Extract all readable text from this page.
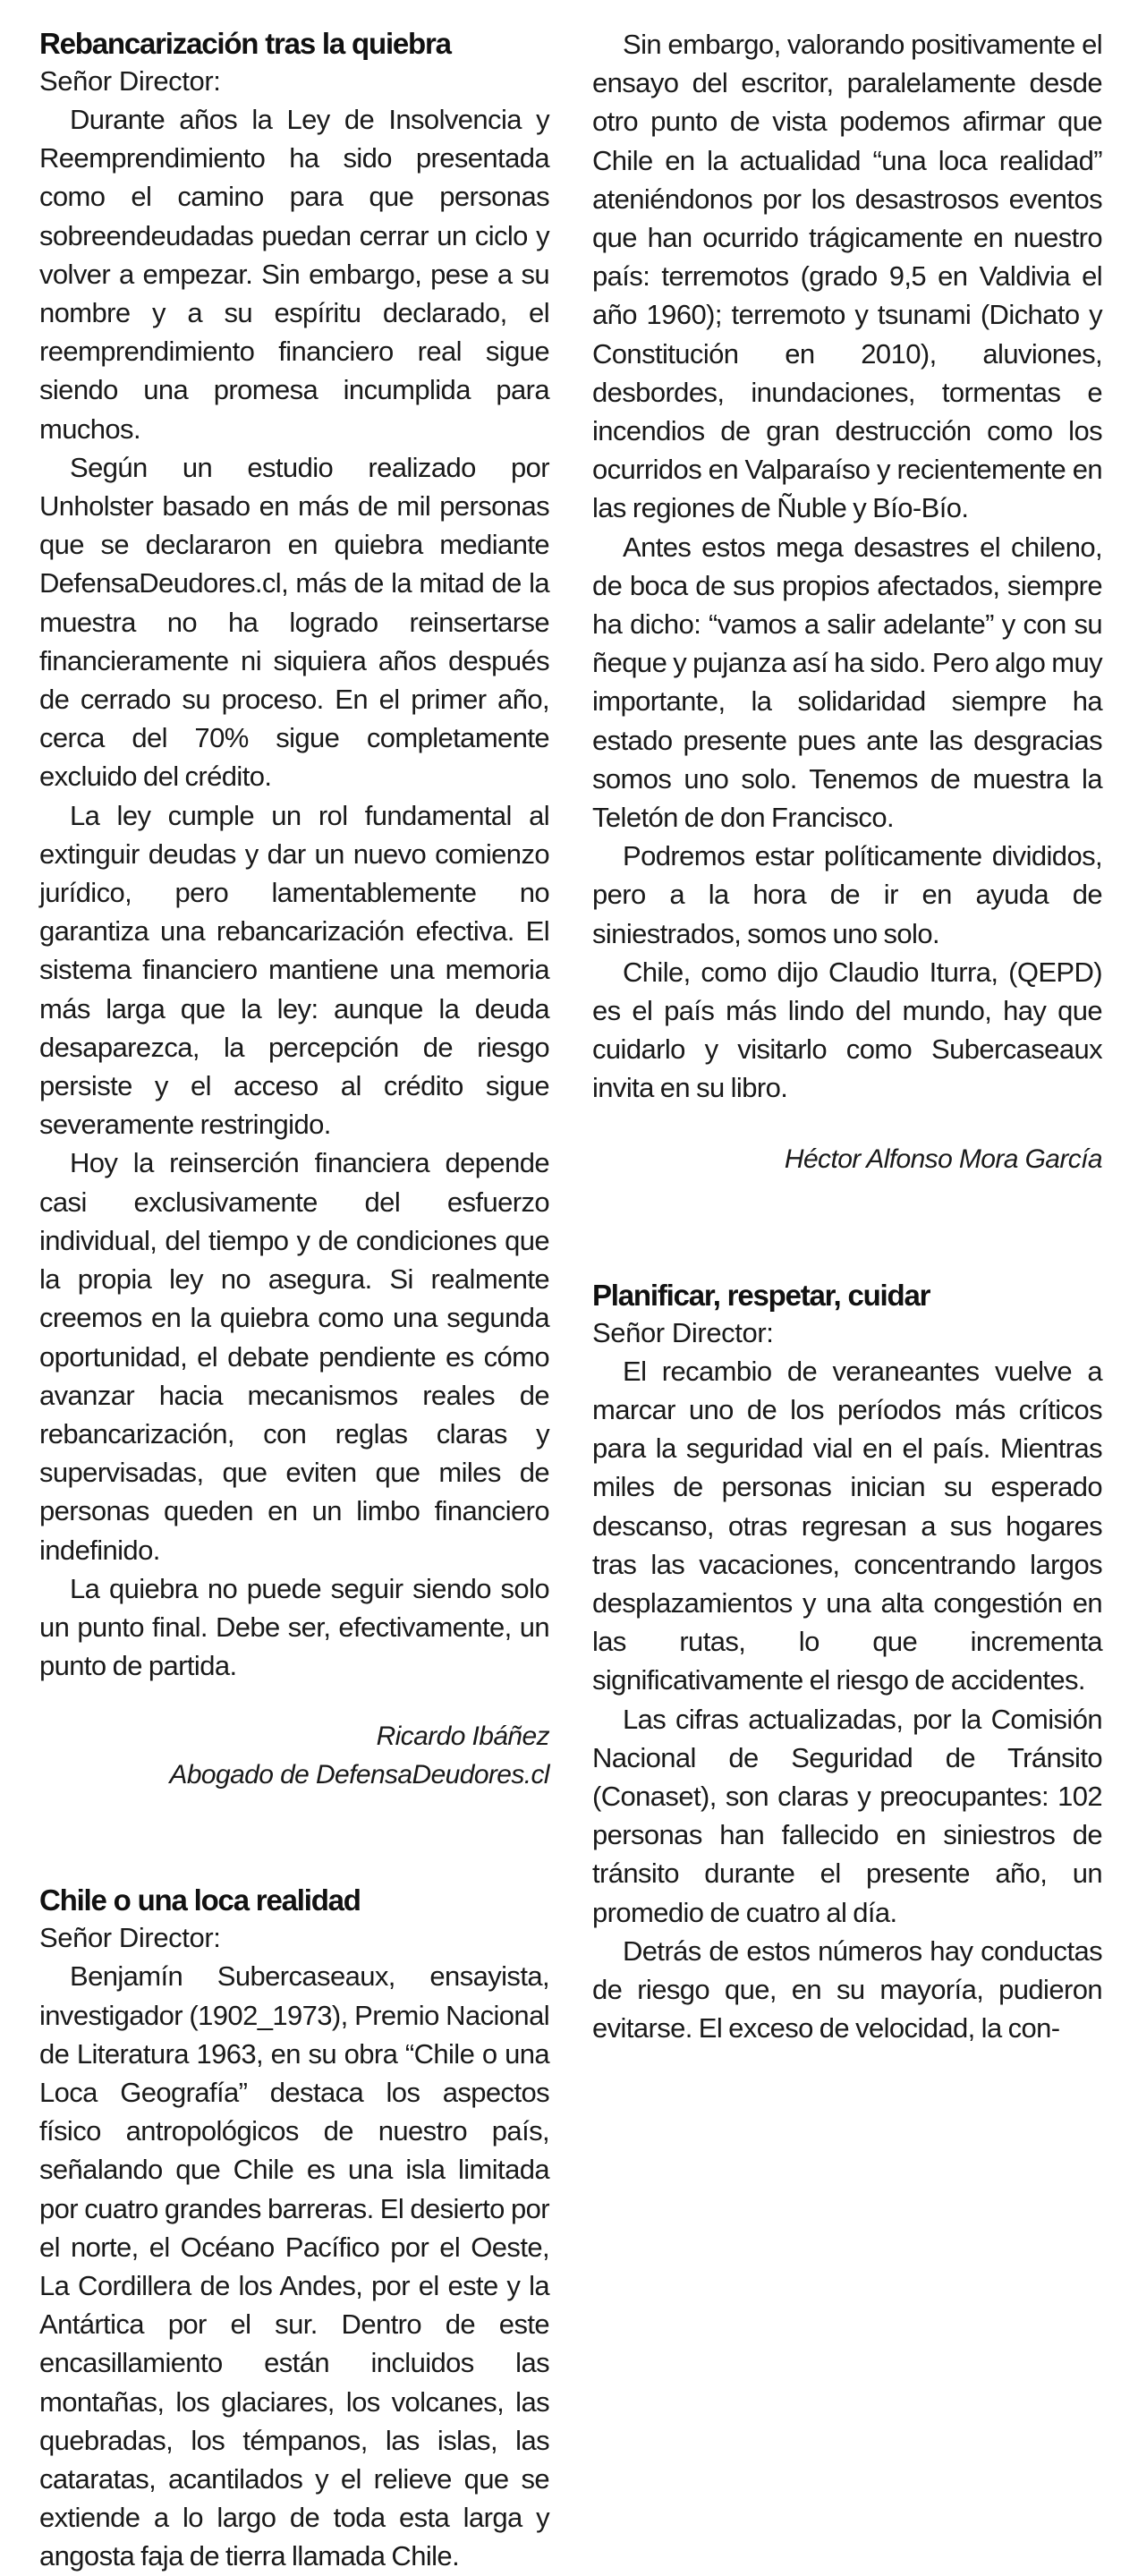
Rebancarización tras la quiebra

Señor Director:

Durante años la Ley de Insolvencia y Reemprendimiento ha sido presentada como el camino para que personas sobreendeudadas puedan cerrar un ciclo y volver a empezar. Sin embargo, pese a su nombre y a su espíritu declarado, el reemprendimiento financiero real sigue siendo una promesa incumplida para muchos.

Según un estudio realizado por Unholster basado en más de mil personas que se declararon en quiebra mediante DefensaDeudores.cl, más de la mitad de la muestra no ha logrado reinsertarse financieramente ni siquiera años después de cerrado su proceso. En el primer año, cerca del 70% sigue completamente excluido del crédito.

La ley cumple un rol fundamental al extinguir deudas y dar un nuevo comienzo jurídico, pero lamentablemente no garantiza una rebancarización efectiva. El sistema financiero mantiene una memoria más larga que la ley: aunque la deuda desaparezca, la percepción de riesgo persiste y el acceso al crédito sigue severamente restringido.

Hoy la reinserción financiera depende casi exclusivamente del esfuerzo individual, del tiempo y de condiciones que la propia ley no asegura. Si realmente creemos en la quiebra como una segunda oportunidad, el debate pendiente es cómo avanzar hacia mecanismos reales de rebancarización, con reglas claras y supervisadas, que eviten que miles de personas queden en un limbo financiero indefinido.

La quiebra no puede seguir siendo solo un punto final. Debe ser, efectivamente, un punto de partida.

Ricardo Ibáñez

Abogado de DefensaDeudores.cl

Chile o una loca realidad

Señor Director:

Benjamín Subercaseaux, ensayista, investigador (1902_1973), Premio Nacional de Literatura 1963, en su obra “Chile o una Loca Geografía” destaca los aspectos físico antropológicos de nuestro país, señalando que Chile es una isla limitada por cuatro grandes barreras. El desierto por el norte, el Océano Pacífico por el Oeste, La Cordillera de los Andes, por el este y la Antártica por el sur. Dentro de este encasillamiento están incluidos las montañas, los glaciares, los volcanes, las quebradas, los témpanos, las islas, las cataratas, acantilados y el relieve que se extiende a lo largo de toda esta larga y angosta faja de tierra llamada Chile.

Sin embargo, valorando positivamente el ensayo del escritor, paralelamente desde otro punto de vista podemos afirmar que Chile en la actualidad “una loca realidad” ateniéndonos por los desastrosos eventos que han ocurrido trágicamente en nuestro país: terremotos (grado 9,5 en Valdivia el año 1960); terremoto y tsunami (Dichato y Constitución en 2010), aluviones, desbordes, inundaciones, tormentas e incendios de gran destrucción como los ocurridos en Valparaíso y recientemente en las regiones de Ñuble y Bío-Bío.

Antes estos mega desastres el chileno, de boca de sus propios afectados, siempre ha dicho: “vamos a salir adelante” y con su ñeque y pujanza así ha sido. Pero algo muy importante, la solidaridad siempre ha estado presente pues ante las desgracias somos uno solo. Tenemos de muestra la Teletón de don Francisco.

Podremos estar políticamente divididos, pero a la hora de ir en ayuda de siniestrados, somos uno solo.

Chile, como dijo Claudio Iturra, (QEPD) es el país más lindo del mundo, hay que cuidarlo y visitarlo como Subercaseaux invita en su libro.

Héctor Alfonso Mora García

Planificar, respetar, cuidar

Señor Director:

El recambio de veraneantes vuelve a marcar uno de los períodos más críticos para la seguridad vial en el país. Mientras miles de personas inician su esperado descanso, otras regresan a sus hogares tras las vacaciones, concentrando largos desplazamientos y una alta congestión en las rutas, lo que incrementa significativamente el riesgo de accidentes.

Las cifras actualizadas, por la Comisión Nacional de Seguridad de Tránsito (Conaset), son claras y preocupantes: 102 personas han fallecido en siniestros de tránsito durante el presente año, un promedio de cuatro al día.

Detrás de estos números hay conductas de riesgo que, en su mayoría, pudieron evitarse. El exceso de velocidad, la con-
